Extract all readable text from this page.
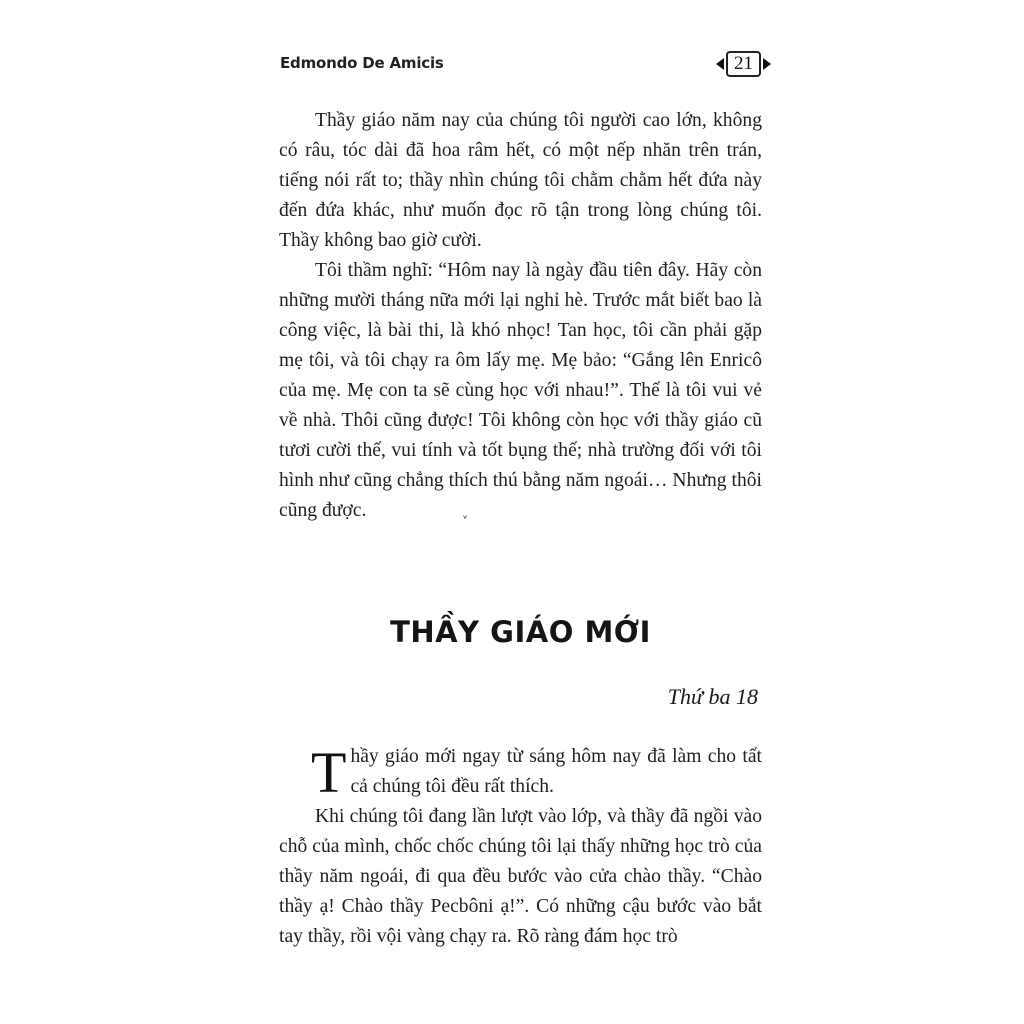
Edmondo De Amicis	21

Thầy giáo năm nay của chúng tôi người cao lớn, không có râu, tóc dài đã hoa râm hết, có một nếp nhăn trên trán, tiếng nói rất to; thầy nhìn chúng tôi chằm chằm hết đứa này đến đứa khác, như muốn đọc rõ tận trong lòng chúng tôi. Thầy không bao giờ cười.

Tôi thầm nghĩ: “Hôm nay là ngày đầu tiên đây. Hãy còn những mười tháng nữa mới lại nghỉ hè. Trước mắt biết bao là công việc, là bài thi, là khó nhọc! Tan học, tôi cần phải gặp mẹ tôi, và tôi chạy ra ôm lấy mẹ. Mẹ bảo: “Gắng lên Enricô của mẹ. Mẹ con ta sẽ cùng học với nhau!”. Thế là tôi vui vẻ về nhà. Thôi cũng được! Tôi không còn học với thầy giáo cũ tươi cười thế, vui tính và tốt bụng thế; nhà trường đối với tôi hình như cũng chẳng thích thú bằng năm ngoái… Nhưng thôi cũng được.	ˬ
THẦY GIÁO MỚI
Thứ ba 18

Thầy giáo mới ngay từ sáng hôm nay đã làm cho tất cả chúng tôi đều rất thích.

Khi chúng tôi đang lần lượt vào lớp, và thầy đã ngồi vào chỗ của mình, chốc chốc chúng tôi lại thấy những học trò của thầy năm ngoái, đi qua đều bước vào cửa chào thầy. “Chào thầy ạ! Chào thầy Pecbôni ạ!”. Có những cậu bước vào bắt tay thầy, rồi vội vàng chạy ra. Rõ ràng đám học trò
